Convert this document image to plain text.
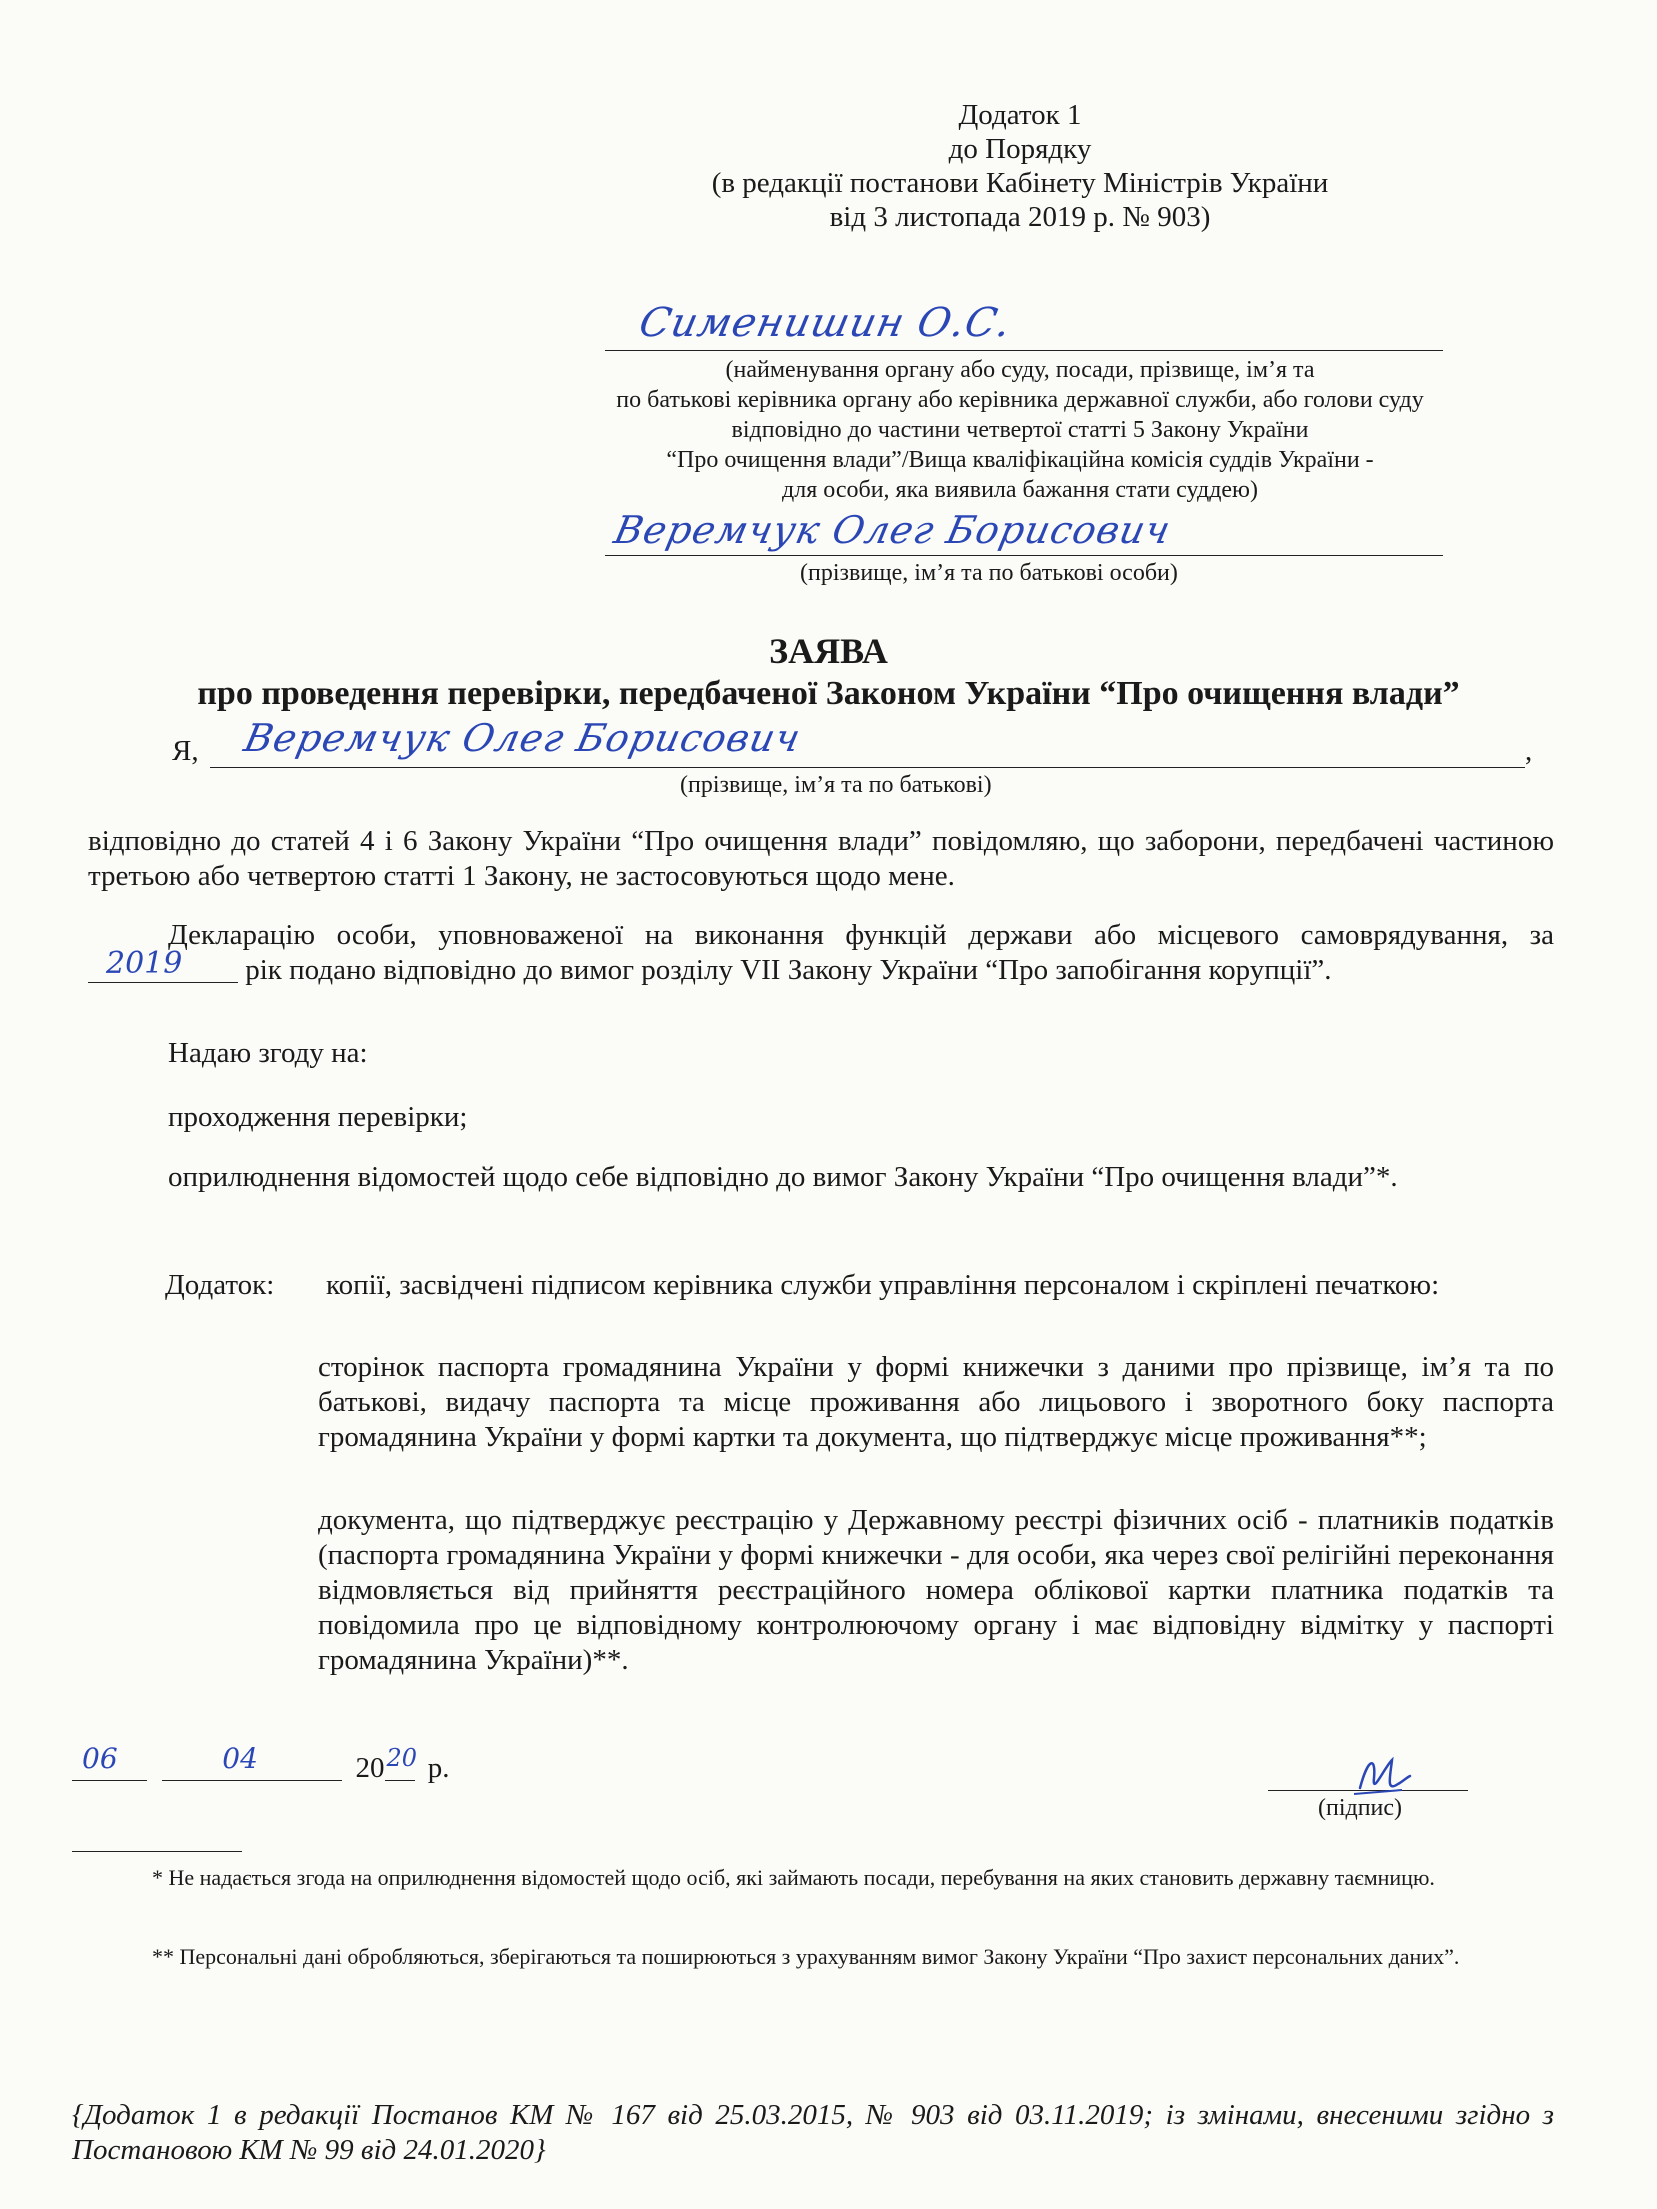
Додаток 1
до Порядку
(в редакції постанови Кабінету Міністрів України
від 3 листопада 2019 р. № 903)
Сименишин О.С.
(найменування органу або суду, посади, прізвище, ім’я та
по батькові керівника органу або керівника державної служби, або голови суду
відповідно до частини четвертої статті 5 Закону України
“Про очищення влади”/Вища кваліфікаційна комісія суддів України -
для особи, яка виявила бажання стати суддею)
Веремчук Олег Борисович
(прізвище, ім’я та по батькові особи)
ЗАЯВА
про проведення перевірки, передбаченої Законом України “Про очищення влади”
Я, Веремчук Олег Борисович	,
(прізвище, ім’я та по батькові)
відповідно до статей 4 і 6 Закону України “Про очищення влади” повідомляю, що заборони, передбачені частиною третьою або четвертою статті 1 Закону, не застосовуються щодо мене.
Декларацію особи, уповноваженої на виконання функцій держави або місцевого самоврядування, за
2019 рік подано відповідно до вимог розділу VII Закону України “Про запобігання корупції”.
Надаю згоду на:
проходження перевірки;
оприлюднення відомостей щодо себе відповідно до вимог Закону України “Про очищення влади”*.
Додаток: копії, засвідчені підписом керівника служби управління персоналом і скріплені печаткою:
сторінок паспорта громадянина України у формі книжечки з даними про прізвище, ім’я та по батькові, видачу паспорта та місце проживання або лицьового і зворотного боку паспорта громадянина України у формі картки та документа, що підтверджує місце проживання**;
документа, що підтверджує реєстрацію у Державному реєстрі фізичних осіб - платників податків (паспорта громадянина України у формі книжечки - для особи, яка через свої релігійні переконання відмовляється від прийняття реєстраційного номера облікової картки платника податків та повідомила про це відповідному контролюючому органу і має відповідну відмітку у паспорті громадянина України)**.
06
	04	20 20 р.
(підпис)
* Не надається згода на оприлюднення відомостей щодо осіб, які займають посади, перебування на яких становить державну таємницю.
** Персональні дані обробляються, зберігаються та поширюються з урахуванням вимог Закону України “Про захист персональних даних”.
{Додаток 1 в редакції Постанов КМ № 167 від 25.03.2015, № 903 від 03.11.2019; із змінами, внесеними згідно з Постановою КМ № 99 від 24.01.2020}
